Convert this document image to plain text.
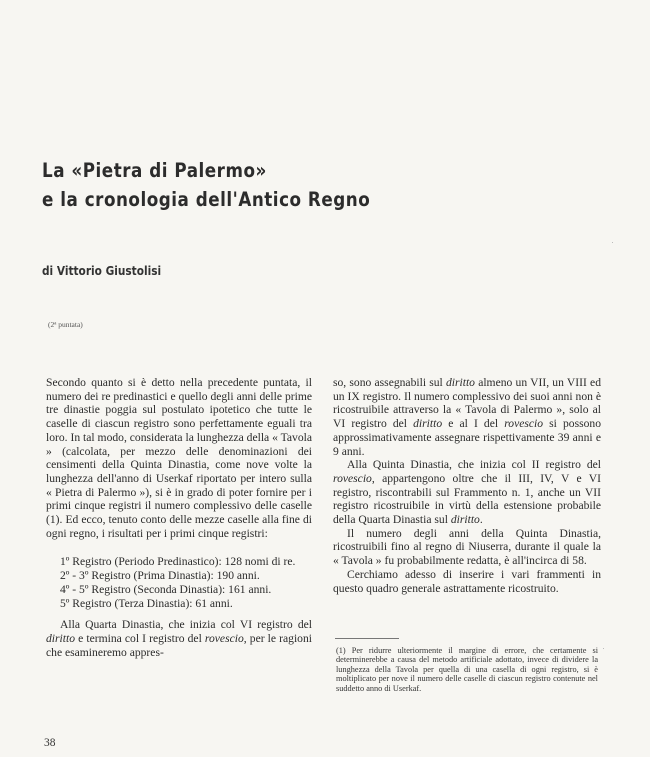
La «Pietra di Palermo»
e la cronologia dell'Antico Regno
di Vittorio Giustolisi
(2ª puntata)

Secondo quanto si è detto nella precedente puntata, il numero dei re predinastici e quello degli anni delle prime tre dinastie poggia sul postulato ipotetico che tutte le caselle di ciascun registro sono perfettamente eguali tra loro. In tal modo, considerata la lunghezza della « Tavola » (calcolata, per mezzo delle denominazioni dei censimenti della Quinta Dinastia, come nove volte la lunghezza dell'anno di Userkaf riportato per intero sulla « Pietra di Palermo »), si è in grado di poter fornire per i primi cinque registri il numero complessivo delle caselle (1). Ed ecco, tenuto conto delle mezze caselle alla fine di ogni regno, i risultati per i primi cinque registri:

1º Registro (Periodo Predinastico): 128 nomi di re.

2º - 3º Registro (Prima Dinastia): 190 anni.

4º - 5º Registro (Seconda Dinastia): 161 anni.

5º Registro (Terza Dinastia): 61 anni.

Alla Quarta Dinastia, che inizia col VI registro del diritto e termina col I registro del rovescio, per le ragioni che esamineremo appres-

so, sono assegnabili sul diritto almeno un VII, un VIII ed un IX registro. Il numero complessivo dei suoi anni non è ricostruibile attraverso la « Tavola di Palermo », solo al VI registro del diritto e al I del rovescio si possono approssimativamente assegnare rispettivamente 39 anni e 9 anni.

Alla Quinta Dinastia, che inizia col II registro del rovescio, appartengono oltre che il III, IV, V e VI registro, riscontrabili sul Frammento n. 1, anche un VII registro ricostruibile in virtù della estensione probabile della Quarta Dinastia sul diritto.

Il numero degli anni della Quinta Dinastia, ricostruibili fino al regno di Niuserra, durante il quale la « Tavola » fu probabilmente redatta, è all'incirca di 58.

Cerchiamo adesso di inserire i vari frammenti in questo quadro generale astrattamente ricostruito.

(1) Per ridurre ulteriormente il margine di errore, che certamente si determinerebbe a causa del metodo artificiale adottato, invece di dividere la lunghezza della Tavola per quella di una casella di ogni registro, si è moltiplicato per nove il numero delle caselle di ciascun registro contenute nel suddetto anno di Userkaf.
38
